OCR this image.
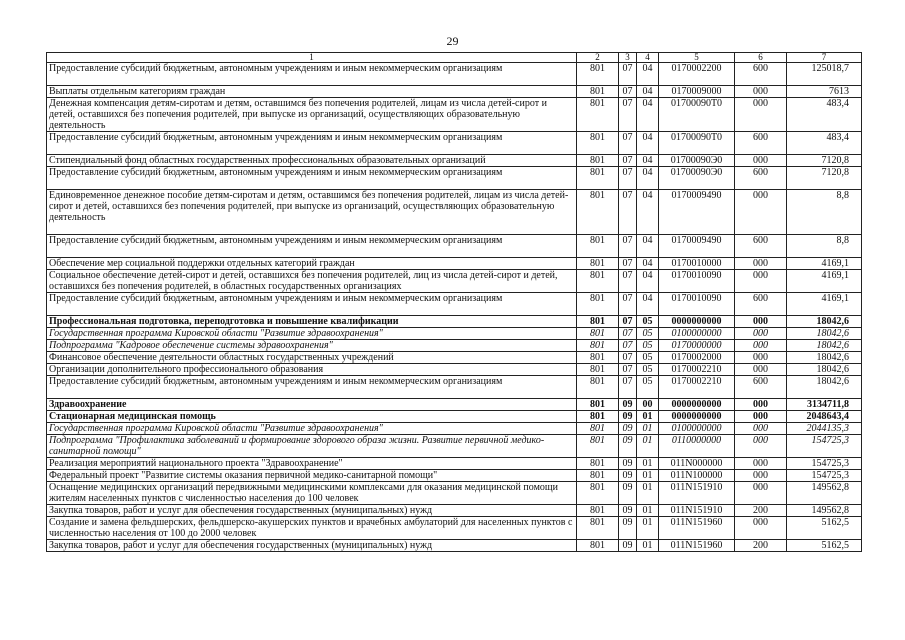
29
1	2	3	4	5	6	7
Предоставление субсидий бюджетным, автономным учреждениям и иным некоммерческим организациям	801	07	04	0170002200	600	125018,7
Выплаты отдельным категориям граждан	801	07	04	0170009000	000	7613
Денежная компенсация детям-сиротам и детям, оставшимся без попечения родителей, лицам из числа детей-сирот и детей, оставшихся без попечения родителей, при выпуске из организаций, осуществляющих образовательную деятельность	801	07	04	01700090Т0	000	483,4
Предоставление субсидий бюджетным, автономным учреждениям и иным некоммерческим организациям	801	07	04	01700090Т0	600	483,4
Стипендиальный фонд областных государственных профессиональных образовательных организаций	801	07	04	01700090Э0	000	7120,8
Предоставление субсидий бюджетным, автономным учреждениям и иным некоммерческим организациям	801	07	04	01700090Э0	600	7120,8
Единовременное денежное пособие детям-сиротам и детям, оставшимся без попечения родителей, лицам из числа детей-сирот и детей, оставшихся без попечения родителей, при выпуске из организаций, осуществляющих образовательную деятельность	801	07	04	0170009490	000	8,8
Предоставление субсидий бюджетным, автономным учреждениям и иным некоммерческим организациям	801	07	04	0170009490	600	8,8
Обеспечение мер социальной поддержки отдельных категорий граждан	801	07	04	0170010000	000	4169,1
Социальное обеспечение детей-сирот и детей, оставшихся без попечения родителей, лиц из числа детей-сирот и детей, оставшихся без попечения родителей, в областных государственных организациях	801	07	04	0170010090	000	4169,1
Предоставление субсидий бюджетным, автономным учреждениям и иным некоммерческим организациям	801	07	04	0170010090	600	4169,1
Профессиональная подготовка, переподготовка и повышение квалификации	801	07	05	0000000000	000	18042,6
Государственная программа Кировской области "Развитие здравоохранения"	801	07	05	0100000000	000	18042,6
Подпрограмма "Кадровое обеспечение системы здравоохранения"	801	07	05	0170000000	000	18042,6
Финансовое обеспечение деятельности областных государственных учреждений	801	07	05	0170002000	000	18042,6
Организации дополнительного профессионального образования	801	07	05	0170002210	000	18042,6
Предоставление субсидий бюджетным, автономным учреждениям и иным некоммерческим организациям	801	07	05	0170002210	600	18042,6
Здравоохранение	801	09	00	0000000000	000	3134711,8
Стационарная медицинская помощь	801	09	01	0000000000	000	2048643,4
Государственная программа Кировской области "Развитие здравоохранения"	801	09	01	0100000000	000	2044135,3
Подпрограмма "Профилактика заболеваний и формирование здорового образа жизни. Развитие первичной медико-санитарной помощи"	801	09	01	0110000000	000	154725,3
Реализация мероприятий национального проекта "Здравоохранение"	801	09	01	011N000000	000	154725,3
Федеральный проект "Развитие системы оказания первичной медико-санитарной помощи"	801	09	01	011N100000	000	154725,3
Оснащение медицинских организаций передвижными медицинскими комплексами для оказания медицинской помощи жителям населенных пунктов с численностью населения до 100 человек	801	09	01	011N151910	000	149562,8
Закупка товаров, работ и услуг для обеспечения государственных (муниципальных) нужд	801	09	01	011N151910	200	149562,8
Создание и замена фельдшерских, фельдшерско-акушерских пунктов и врачебных амбулаторий для населенных пунктов с численностью населения от 100 до 2000 человек	801	09	01	011N151960	000	5162,5
Закупка товаров, работ и услуг для обеспечения государственных (муниципальных) нужд	801	09	01	011N151960	200	5162,5
